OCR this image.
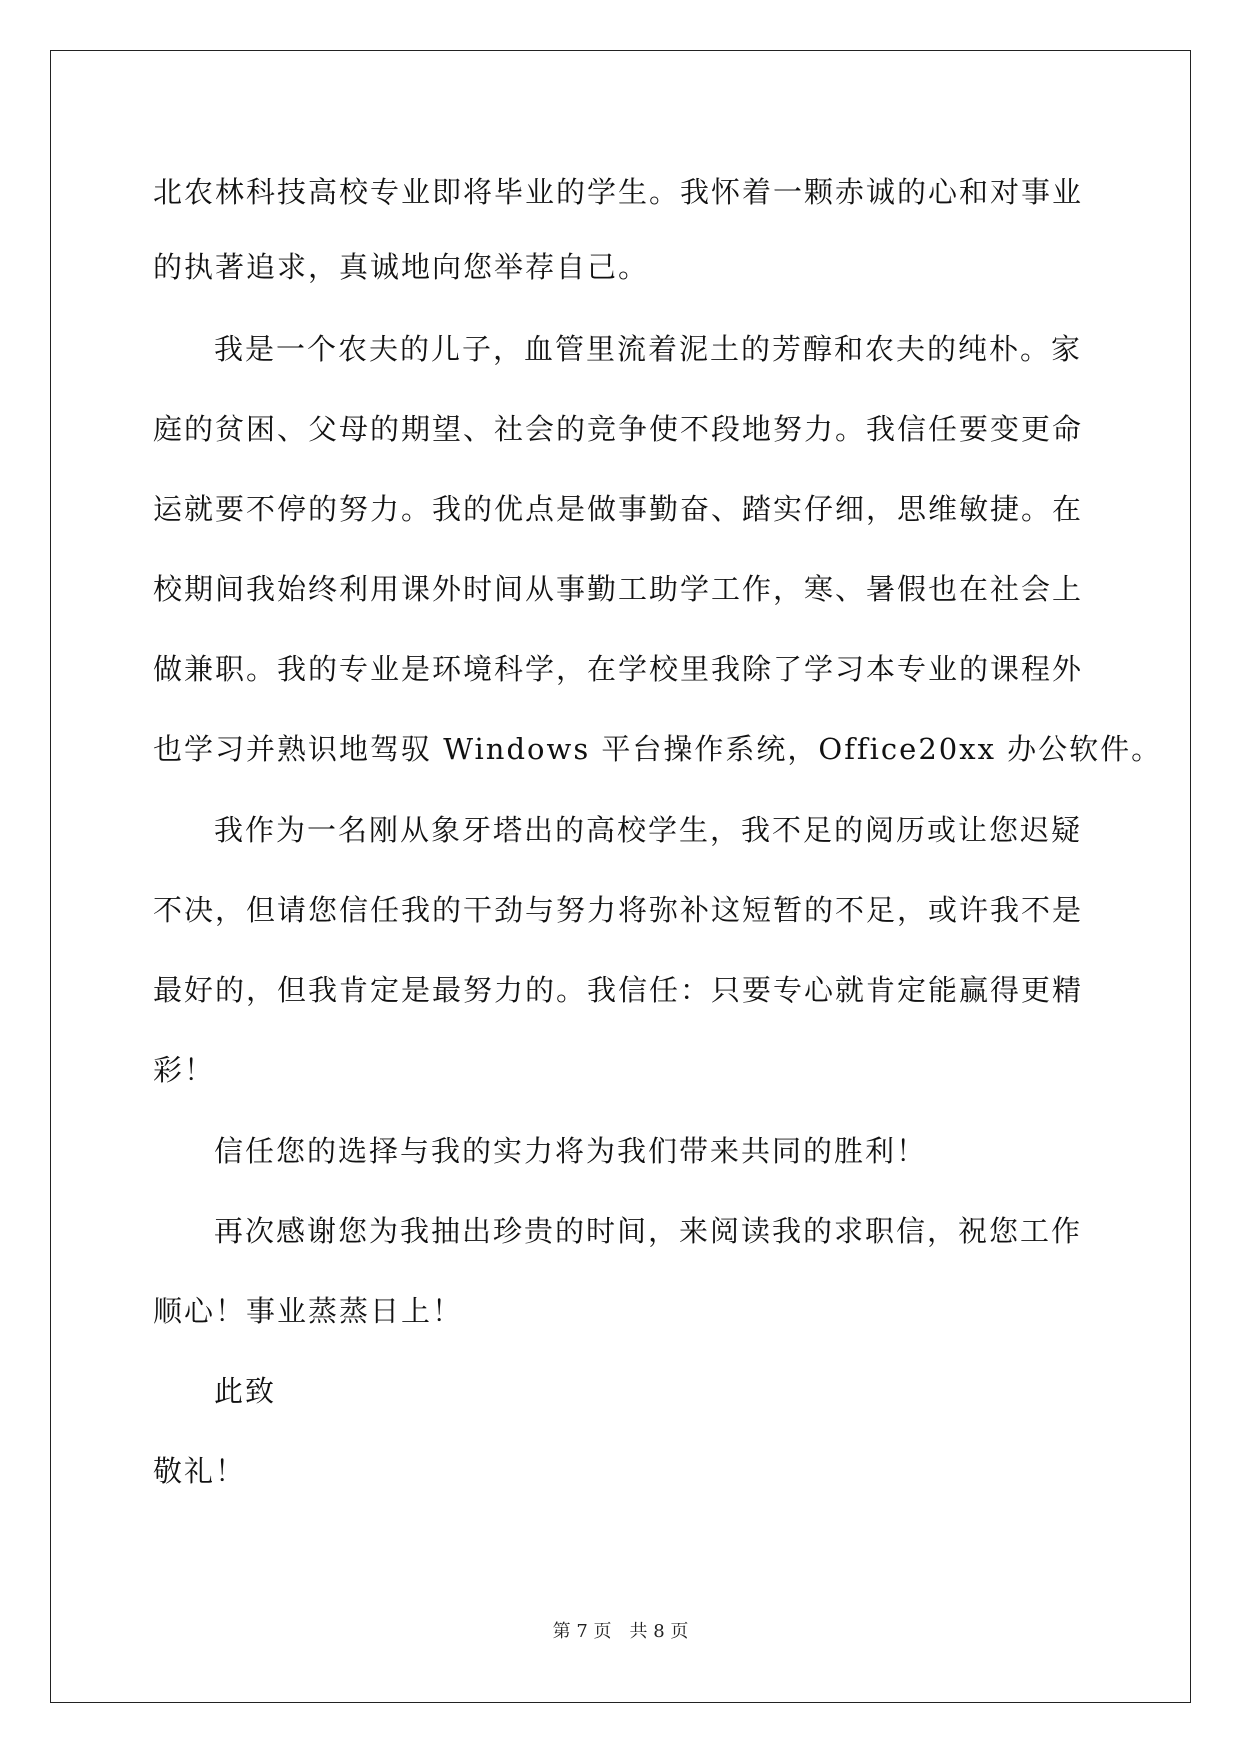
北农林科技高校专业即将毕业的学生。我怀着一颗赤诚的心和对事业
的执著追求，真诚地向您举荐自己。
我是一个农夫的儿子，血管里流着泥土的芳醇和农夫的纯朴。家
庭的贫困、父母的期望、社会的竞争使不段地努力。我信任要变更命
运就要不停的努力。我的优点是做事勤奋、踏实仔细，思维敏捷。在
校期间我始终利用课外时间从事勤工助学工作，寒、暑假也在社会上
做兼职。我的专业是环境科学，在学校里我除了学习本专业的课程外
也学习并熟识地驾驭 Windows 平台操作系统，Office20xx 办公软件。
我作为一名刚从象牙塔出的高校学生，我不足的阅历或让您迟疑
不决，但请您信任我的干劲与努力将弥补这短暂的不足，或许我不是
最好的，但我肯定是最努力的。我信任：只要专心就肯定能赢得更精
彩！
信任您的选择与我的实力将为我们带来共同的胜利！
再次感谢您为我抽出珍贵的时间，来阅读我的求职信，祝您工作
顺心！事业蒸蒸日上！
此致
敬礼！
第 7 页　共 8 页
